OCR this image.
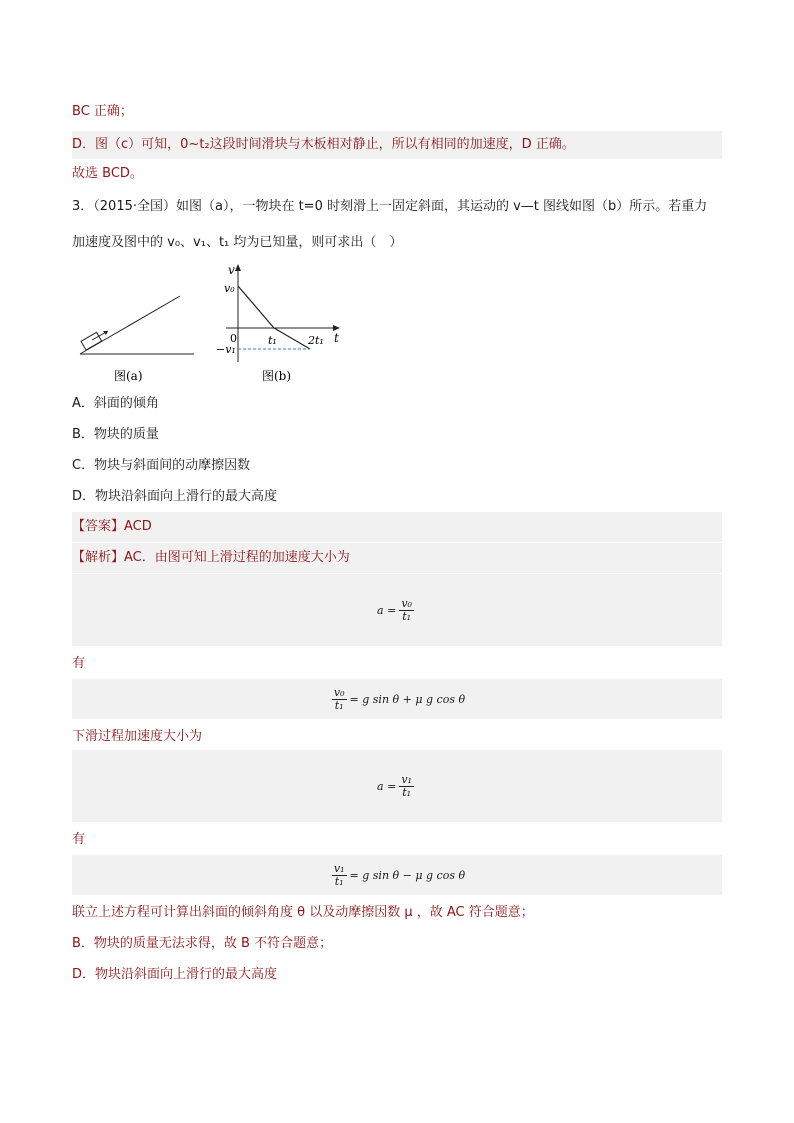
BC 正确；
D．图（c）可知，0~t₂这段时间滑块与木板相对静止，所以有相同的加速度，D 正确。
故选 BCD。
3．（2015·全国）如图（a），一物块在 t=0 时刻滑上一固定斜面，其运动的 v—t 图线如图（b）所示。若重力
加速度及图中的 v₀、v₁、t₁ 均为已知量，则可求出（　）
图(a)
v
v₀
0	t₁	2t₁ t
−v₁
图(b)
A．斜面的倾角
B．物块的质量
C．物块与斜面间的动摩擦因数
D．物块沿斜面向上滑行的最大高度
【答案】ACD
【解析】AC．由图可知上滑过程的加速度大小为
$a = \frac{\text{v₀}}{\text{t₁}}$
有
$\frac{\text{v₀}}{\text{t₁}} = g$ sin θ + μ g cos θ
下滑过程加速度大小为
$a = \frac{\text{v₁}}{\text{t₁}}$
有
$\frac{\text{v₁}}{\text{t₁}} = g$ sin θ − μ g cos θ
联立上述方程可计算出斜面的倾斜角度 θ 以及动摩擦因数 μ ，故 AC 符合题意；
B．物块的质量无法求得，故 B 不符合题意；
D．物块沿斜面向上滑行的最大高度
